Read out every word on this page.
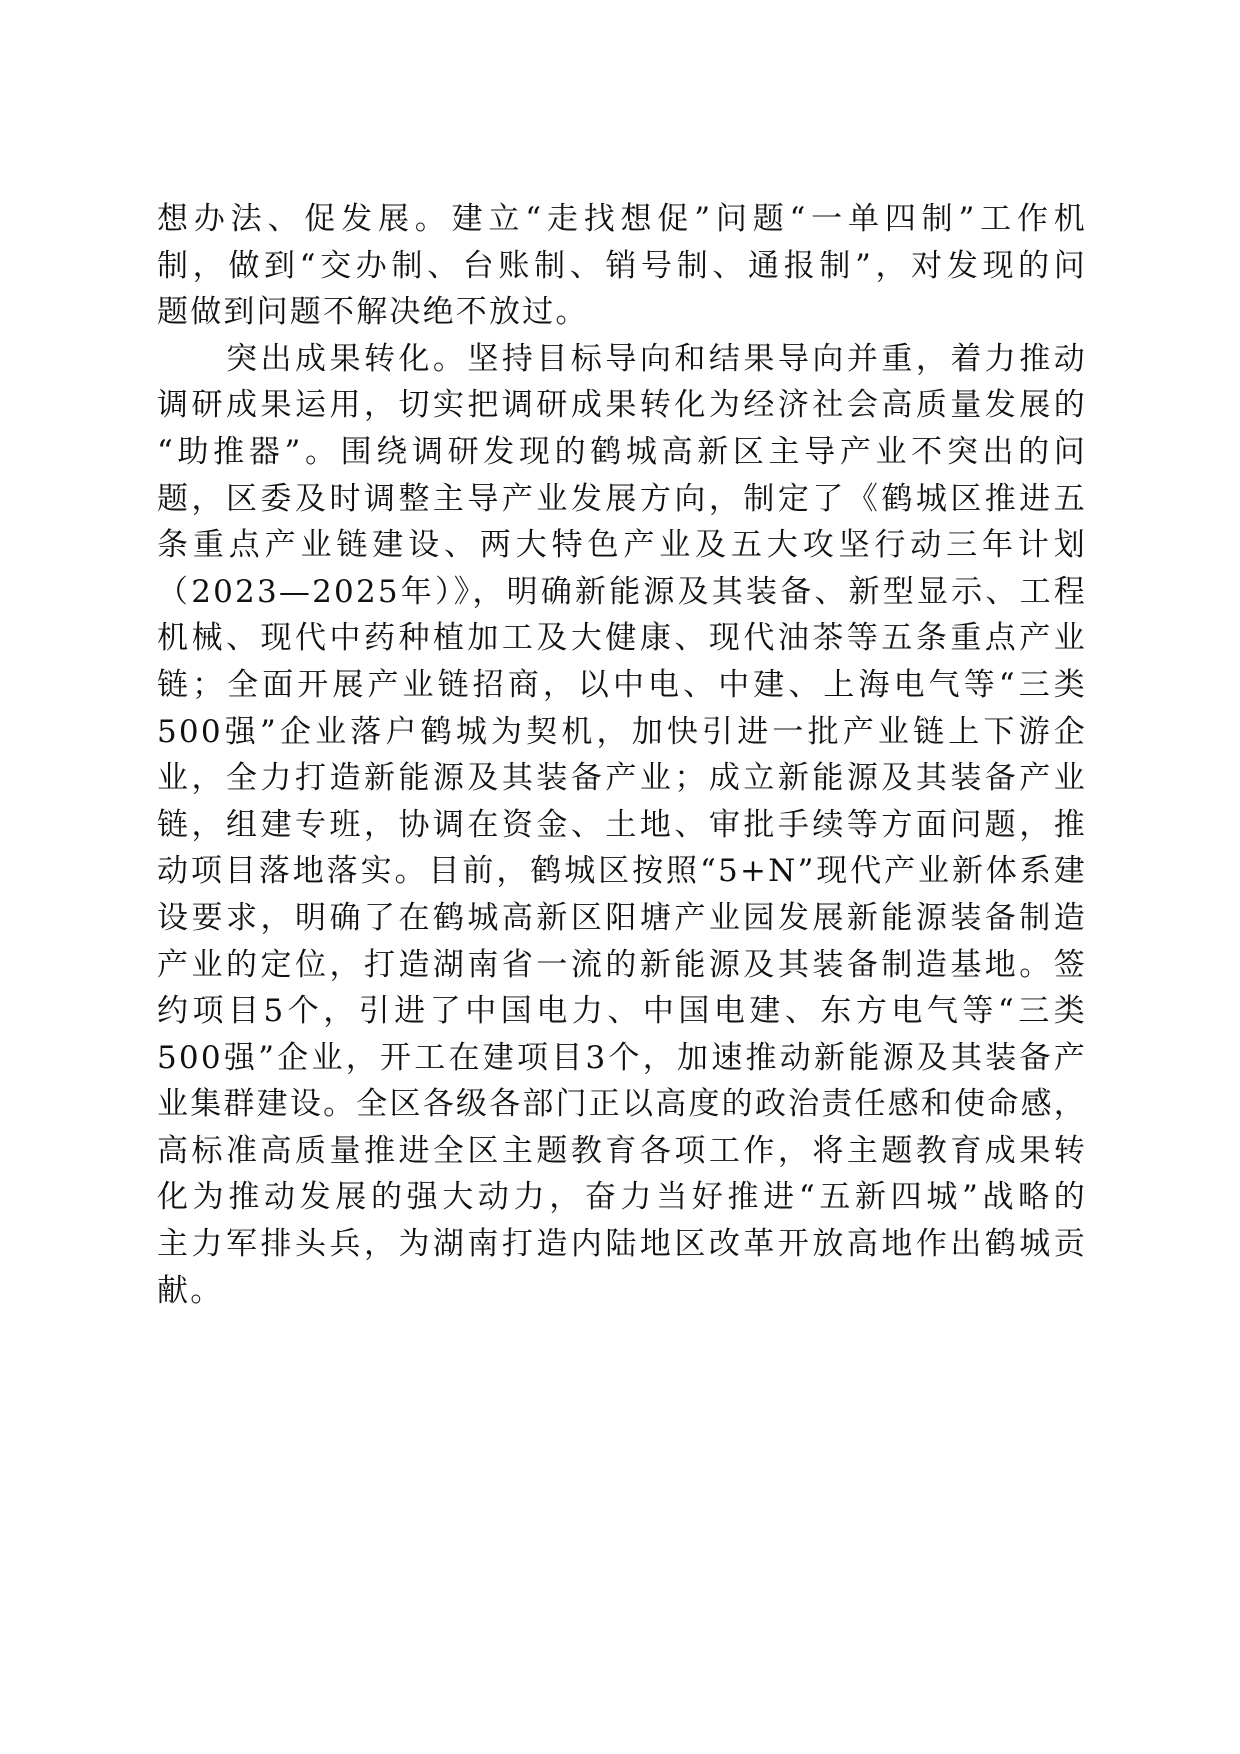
想办法、促发展。建立“走找想促”问题“一单四制”工作机
制，做到“交办制、台账制、销号制、通报制”，对发现的问
题做到问题不解决绝不放过。
　　突出成果转化。坚持目标导向和结果导向并重，着力推动
调研成果运用，切实把调研成果转化为经济社会高质量发展的
“助推器”。围绕调研发现的鹤城高新区主导产业不突出的问
题，区委及时调整主导产业发展方向，制定了《鹤城区推进五
条重点产业链建设、两大特色产业及五大攻坚行动三年计划
（2023—2025年）》，明确新能源及其装备、新型显示、工程
机械、现代中药种植加工及大健康、现代油茶等五条重点产业
链；全面开展产业链招商，以中电、中建、上海电气等“三类
500强”企业落户鹤城为契机，加快引进一批产业链上下游企
业，全力打造新能源及其装备产业；成立新能源及其装备产业
链，组建专班，协调在资金、土地、审批手续等方面问题，推
动项目落地落实。目前，鹤城区按照“5+N”现代产业新体系建
设要求，明确了在鹤城高新区阳塘产业园发展新能源装备制造
产业的定位，打造湖南省一流的新能源及其装备制造基地。签
约项目5个，引进了中国电力、中国电建、东方电气等“三类
500强”企业，开工在建项目3个，加速推动新能源及其装备产
业集群建设。全区各级各部门正以高度的政治责任感和使命感，
高标准高质量推进全区主题教育各项工作，将主题教育成果转
化为推动发展的强大动力，奋力当好推进“五新四城”战略的
主力军排头兵，为湖南打造内陆地区改革开放高地作出鹤城贡
献。
